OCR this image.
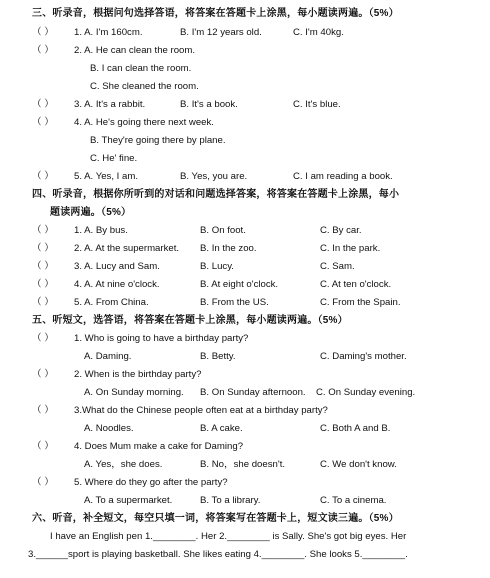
三、听录音，根据问句选择答语，将答案在答题卡上涂黑，每小题读两遍。（5%）
（ ） 1. A. I'm 160cm.	B. I'm 12 years old.	C. I'm 40kg.
（ ） 2. A. He can clean the room.
B. I can clean the room.
C. She cleaned the room.
（ ） 3. A. It's a rabbit.	B. It's a book.	C. It's blue.
（ ） 4. A. He's going there next week.
B. They're going there by plane.
C. He' fine.
（ ） 5. A. Yes, I am.	B. Yes, you are.	C. I am reading a book.
四、听录音，根据你所听到的对话和问题选择答案，将答案在答题卡上涂黑，每小
题读两遍。（5%）
（ ） 1. A. By bus.	B. On foot.	C. By car.
（ ） 2. A. At the supermarket. B. In the zoo.	C. In the park.
（ ） 3. A. Lucy and Sam.	B. Lucy.	C. Sam.
（ ） 4. A. At nine o'clock.	B. At eight o'clock.	C. At ten o'clock.
（ ） 5. A. From China.	B. From the US.	C. From the Spain.
五、听短文，选答语，将答案在答题卡上涂黑，每小题读两遍。（5%）
（ ） 1. Who is going to have a birthday party?
A. Daming.	B. Betty.	C. Daming's mother.
（ ） 2. When is the birthday party?
A. On Sunday morning. B. On Sunday afternoon. C. On Sunday evening.
（ ） 3.What do the Chinese people often eat at a birthday party?
A. Noodles.	B. A cake.	C. Both A and B.
（ ） 4. Does Mum make a cake for Daming?
A. Yes，she does.	B. No，she doesn't.	C. We don't know.
（ ） 5. Where do they go after the party?
A. To a supermarket.	B. To a library.	C. To a cinema.
六、听音，补全短文，每空只填一词，将答案写在答题卡上，短文读三遍。（5%）
I have an English pen 1.________. Her 2.________ is Sally. She's got big eyes. Her
3.______sport is playing basketball. She likes eating 4.________. She looks 5.________.
